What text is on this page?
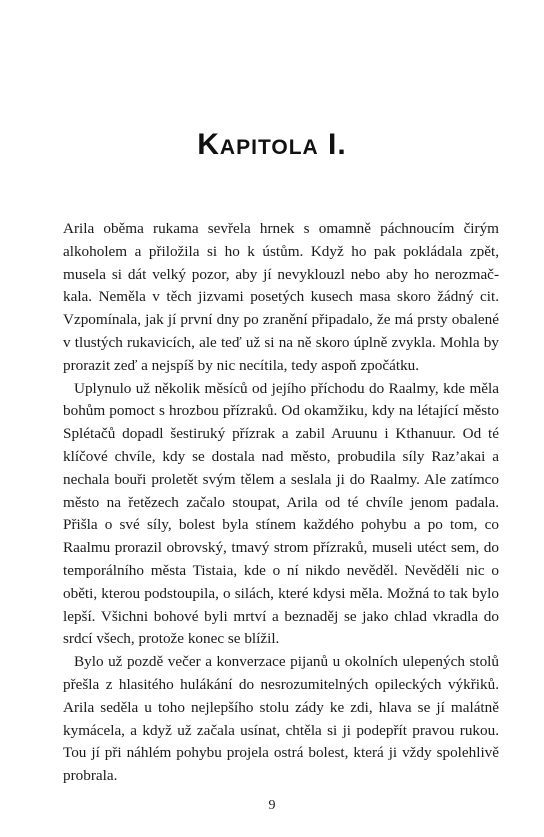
Kapitola I.

Arila oběma rukama sevřela hrnek s omamně páchnoucím čirým alkoholem a přiložila si ho k ústům. Když ho pak pokládala zpět, musela si dát velký pozor, aby jí nevyklouzl nebo aby ho nerozmačkala. Neměla v těch jizvami posetých kusech masa skoro žádný cit. Vzpomínala, jak jí první dny po zranění připadalo, že má prsty obalené v tlustých rukavicích, ale teď už si na ně skoro úplně zvykla. Mohla by prorazit zeď a nejspíš by nic necítila, tedy aspoň zpočátku.

Uplynulo už několik měsíců od jejího příchodu do Raalmy, kde měla bohům pomoct s hrozbou přízraků. Od okamžiku, kdy na létající město Splétačů dopadl šestiruký přízrak a zabil Aruunu i Kthanuur. Od té klíčové chvíle, kdy se dostala nad město, probudila síly Raz’akai a nechala bouři proletět svým tělem a seslala ji do Raalmy. Ale zatímco město na řetězech začalo stoupat, Arila od té chvíle jenom padala. Přišla o své síly, bolest byla stínem každého pohybu a po tom, co Raalmu prorazil obrovský, tmavý strom přízraků, museli utéct sem, do temporálního města Tistaia, kde o ní nikdo nevěděl. Nevěděli nic o oběti, kterou podstoupila, o silách, které kdysi měla. Možná to tak bylo lepší. Všichni bohové byli mrtví a beznaděj se jako chlad vkradla do srdcí všech, protože konec se blížil.

Bylo už pozdě večer a konverzace pijanů u okolních ulepených stolů přešla z hlasitého hulákání do nesrozumitelných opileckých výkřiků. Arila seděla u toho nejlepšího stolu zády ke zdi, hlava se jí malátně kymácela, a když už začala usínat, chtěla si ji podepřít pravou rukou. Tou jí při náhlém pohybu projela ostrá bolest, která ji vždy spolehlivě probrala.

9
